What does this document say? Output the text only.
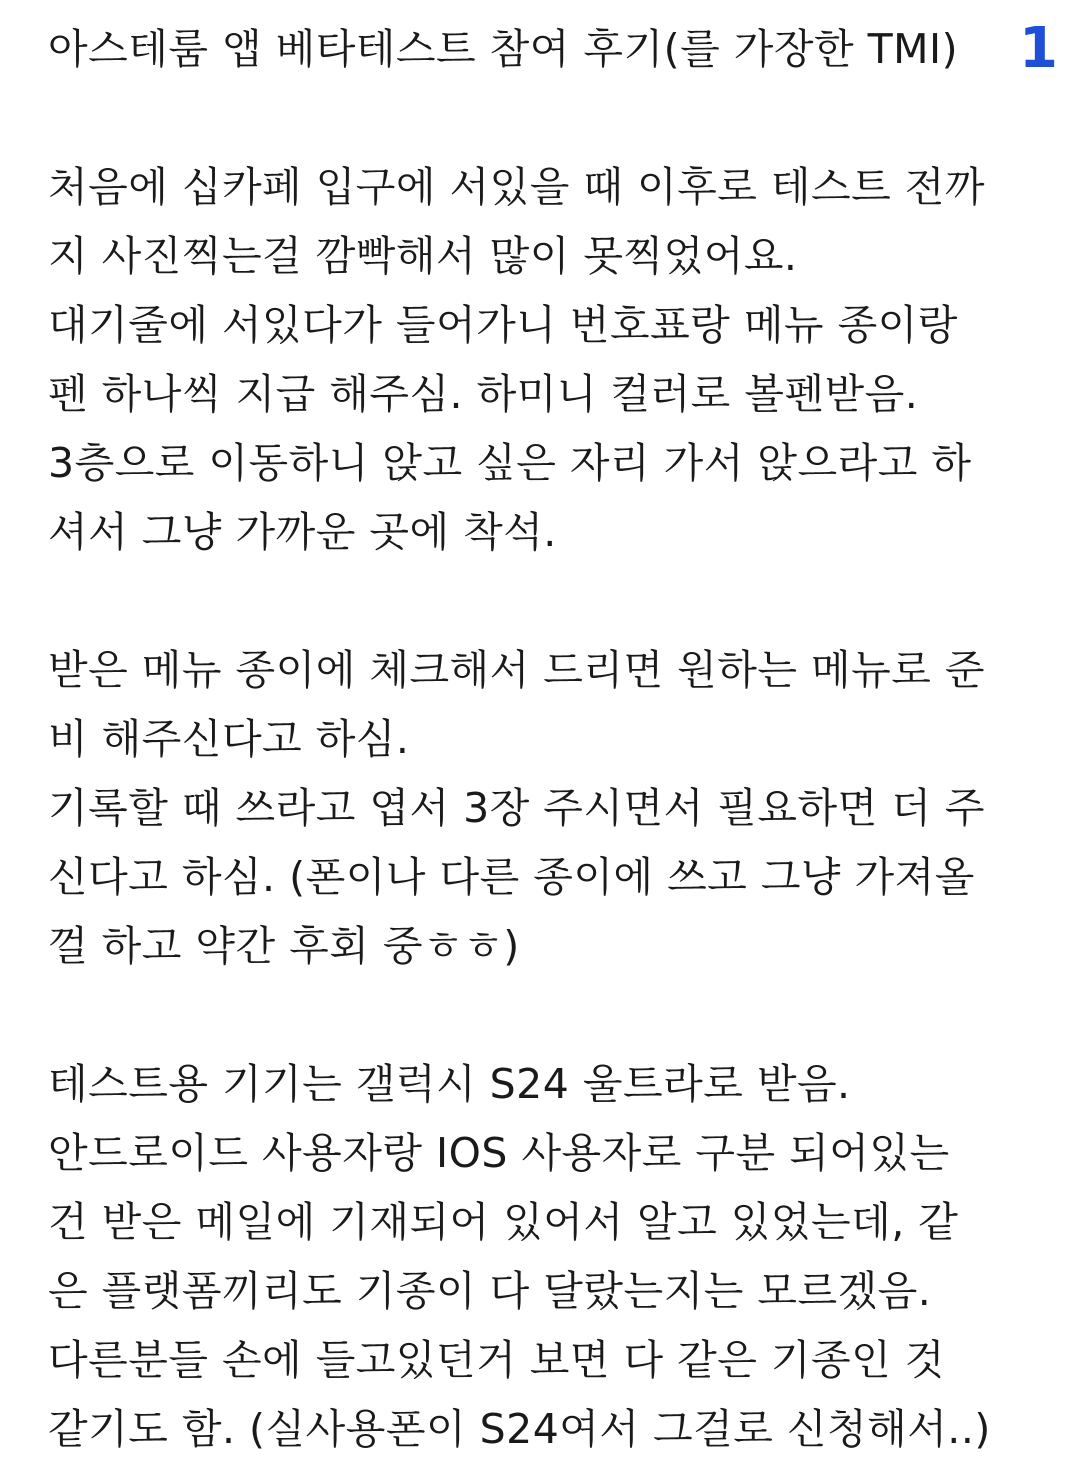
아스테룸 앱 베타테스트 참여 후기(를 가장한 TMI)	1
처음에 십카페 입구에 서있을 때 이후로 테스트 전까
지 사진찍는걸 깜빡해서 많이 못찍었어요.
대기줄에 서있다가 들어가니 번호표랑 메뉴 종이랑
펜 하나씩 지급 해주심. 하미니 컬러로 볼펜받음.
3층으로 이동하니 앉고 싶은 자리 가서 앉으라고 하
셔서 그냥 가까운 곳에 착석.
받은 메뉴 종이에 체크해서 드리면 원하는 메뉴로 준
비 해주신다고 하심.
기록할 때 쓰라고 엽서 3장 주시면서 필요하면 더 주
신다고 하심. (폰이나 다른 종이에 쓰고 그냥 가져올
껄 하고 약간 후회 중ㅎㅎ)
테스트용 기기는 갤럭시 S24 울트라로 받음.
안드로이드 사용자랑 IOS 사용자로 구분 되어있는
건 받은 메일에 기재되어 있어서 알고 있었는데, 같
은 플랫폼끼리도 기종이 다 달랐는지는 모르겠음.
다른분들 손에 들고있던거 보면 다 같은 기종인 것
같기도 함. (실사용폰이 S24여서 그걸로 신청해서..)
